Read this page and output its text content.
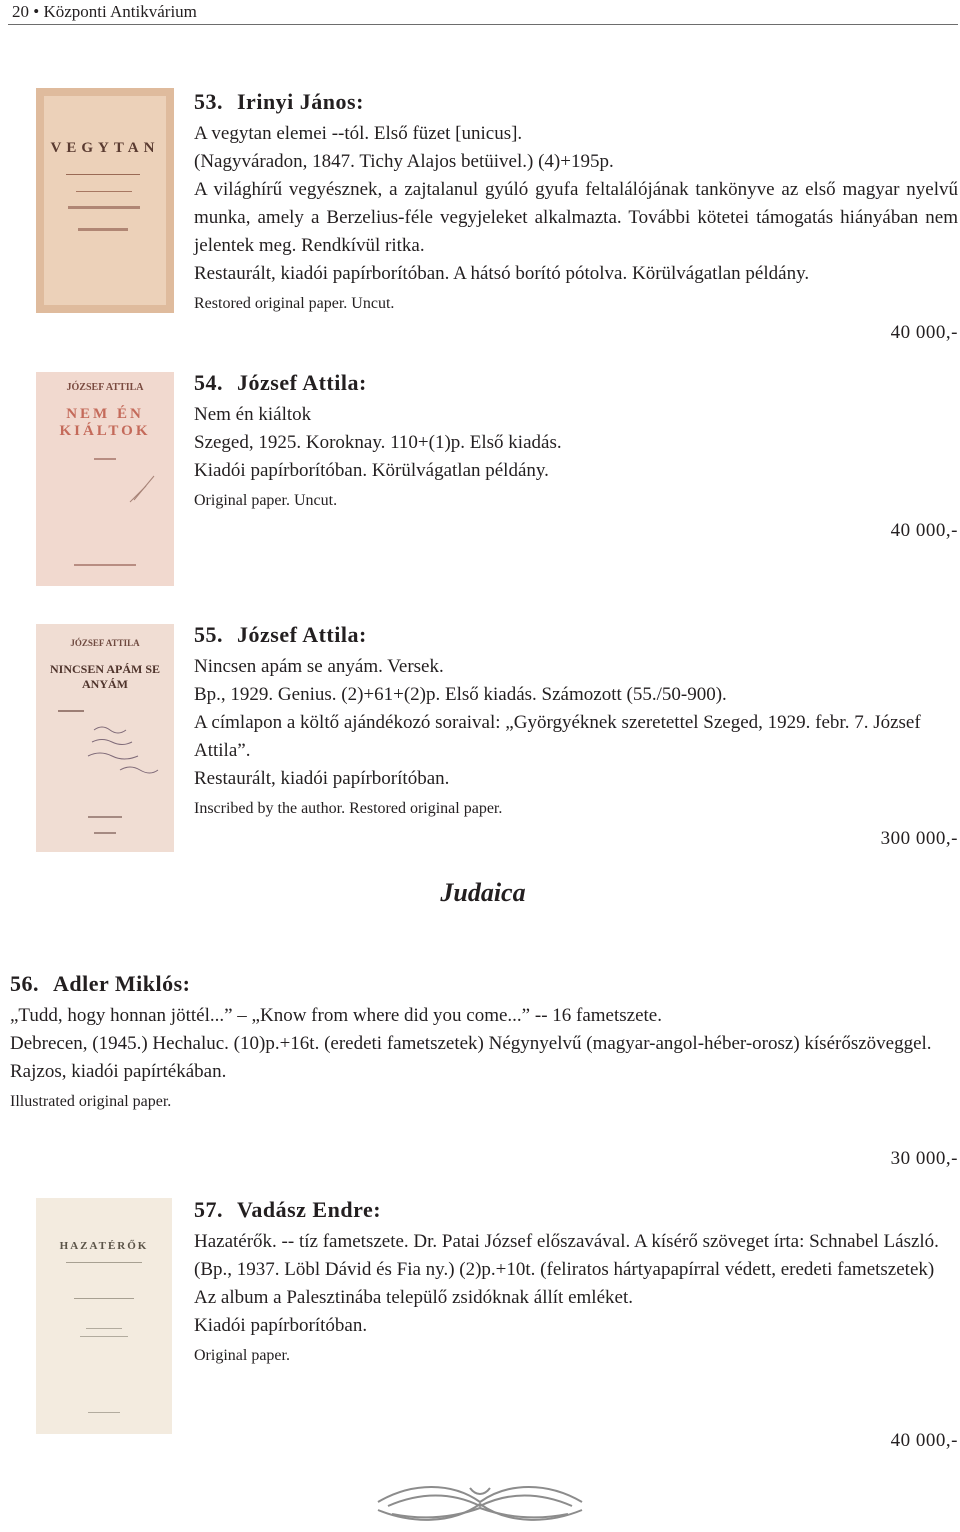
20 • Központi Antikvárium
VEGYTAN
53. Irinyi János:

A vegytan elemei --tól. Első füzet [unicus].

(Nagyváradon, 1847. Tichy Alajos betüivel.) (4)+195p.

A világhírű vegyésznek, a zajtalanul gyúló gyufa feltalálójának tankönyve az első magyar nyelvű munka, amely a Berzelius-féle vegyjeleket alkalmazta. További kötetei támogatás hiányában nem jelentek meg. Rendkívül ritka.

Restaurált, kiadói papírborítóban. A hátsó borító pótolva. Körülvágatlan példány.

Restored original paper. Uncut.
40 000,-
JÓZSEF ATTILA
NEM ÉN KIÁLTOK
54. József Attila:

Nem én kiáltok

Szeged, 1925. Koroknay. 110+(1)p. Első kiadás.

Kiadói papírborítóban. Körülvágatlan példány.

Original paper. Uncut.
40 000,-
JÓZSEF ATTILA
NINCSEN APÁM SE ANYÁM
55. József Attila:

Nincsen apám se anyám. Versek.

Bp., 1929. Genius. (2)+61+(2)p. Első kiadás. Számozott (55./50-900).

A címlapon a költő ajándékozó soraival: „Györgyéknek szeretettel Szeged, 1929. febr. 7. József Attila”.

Restaurált, kiadói papírborítóban.

Inscribed by the author. Restored original paper.
300 000,-
Judaica
56. Adler Miklós:

„Tudd, hogy honnan jöttél...” – „Know from where did you come...” -- 16 fametszete.

Debrecen, (1945.) Hechaluc. (10)p.+16t. (eredeti fametszetek) Négynyelvű (magyar-angol-héber-orosz) kísérőszöveggel.

Rajzos, kiadói papírtékában.

Illustrated original paper.
30 000,-
HAZATÉRŐK
57. Vadász Endre:

Hazatérők. -- tíz fametszete. Dr. Patai József előszavával. A kísérő szöveget írta: Schnabel László.

(Bp., 1937. Löbl Dávid és Fia ny.) (2)p.+10t. (feliratos hártyapapírral védett, eredeti fametszetek)

Az album a Palesztinába települő zsidóknak állít emléket.

Kiadói papírborítóban.

Original paper.
40 000,-
